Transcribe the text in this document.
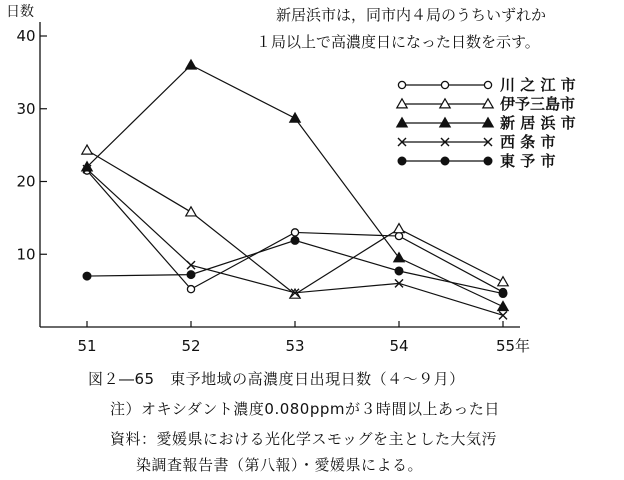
川 之 江 市
伊予三島市
新 居 浜 市
西 条 市
東 予 市
10
20
30
40
日数
51	52	53	54	55年
新居浜市は，同市内４局のうちいずれか
１局以上で高濃度日になった日数を示す。
図２―65　東予地域の高濃度日出現日数（４～９月）
注）オキシダント濃度0.080ppmが３時間以上あった日
資料：愛媛県における光化学スモッグを主とした大気汚
染調査報告書（第八報）・愛媛県による。
